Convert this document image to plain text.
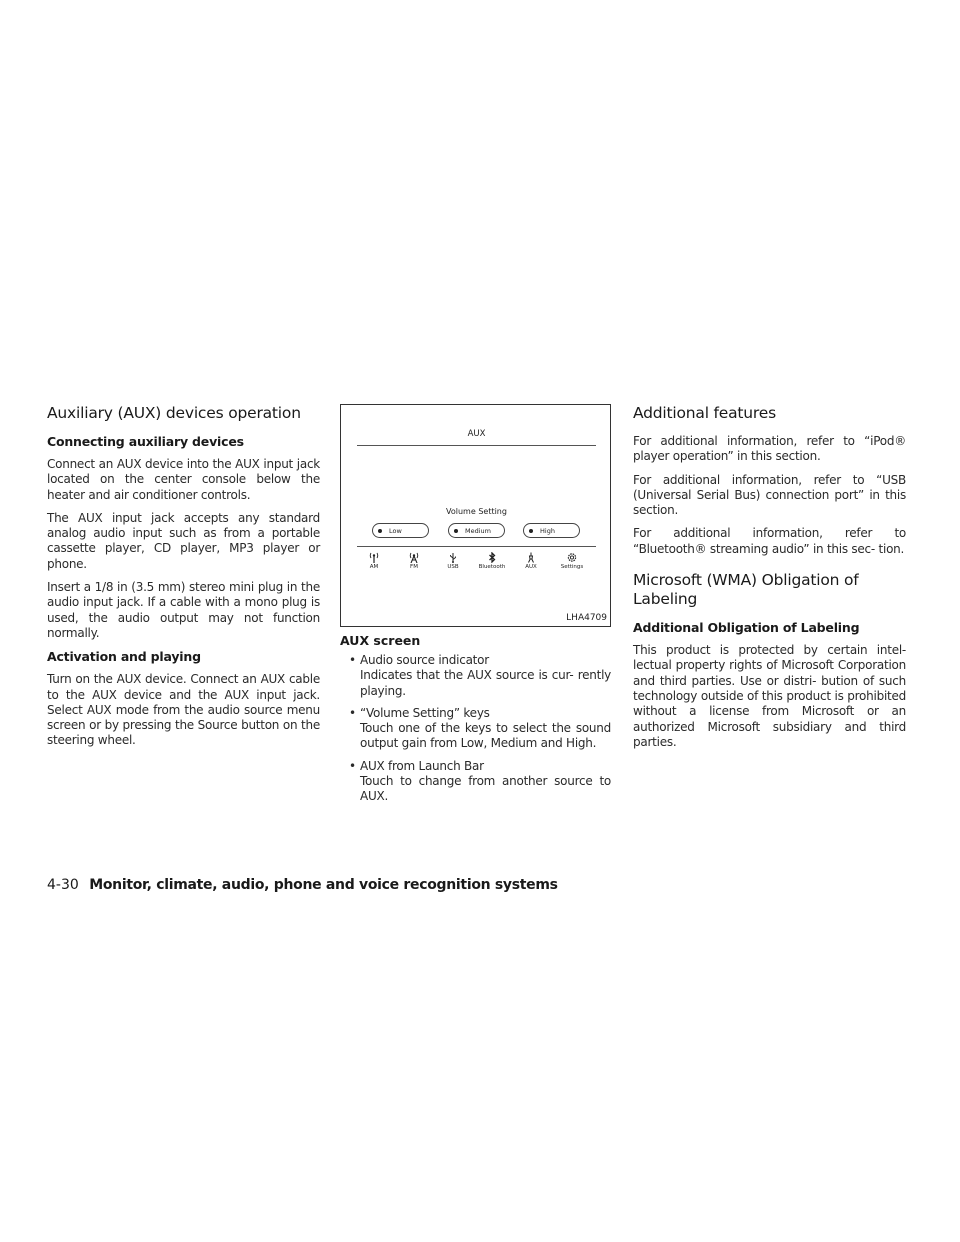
Auxiliary (AUX) devices operation
Connecting auxiliary devices

Connect an AUX device into the AUX input jack located on the center console below the heater and air conditioner controls.

The AUX input jack accepts any standard analog audio input such as from a portable cassette player, CD player, MP3 player or phone.

Insert a 1/8 in (3.5 mm) stereo mini plug in the audio input jack. If a cable with a mono plug is used, the audio output may not function normally.

Activation and playing

Turn on the AUX device. Connect an AUX cable to the AUX device and the AUX input jack. Select AUX mode from the audio source menu screen or by pressing the Source button on the steering wheel.

AUX
Volume Setting
Low	Medium	High
AM	FM	USB	Bluetooth	AUX	Settings
LHA4709
AUX screen
• Audio source indicator
Indicates that the AUX source is cur- rently playing.
• “Volume Setting” keys
Touch one of the keys to select the sound output gain from Low, Medium and High.
• AUX from Launch Bar
Touch to change from another source to AUX.
Additional features

For additional information, refer to “iPod® player operation” in this section.

For additional information, refer to “USB (Universal Serial Bus) connection port” in this section.

For additional information, refer to “Bluetooth® streaming audio” in this sec- tion.

Microsoft (WMA) Obligation of
Labeling
Additional Obligation of Labeling

This product is protected by certain intel- lectual property rights of Microsoft Corporation and third parties. Use or distri- bution of such technology outside of this product is prohibited without a license from Microsoft or an authorized Microsoft subsidiary and third parties.

4-30 Monitor, climate, audio, phone and voice recognition systems
